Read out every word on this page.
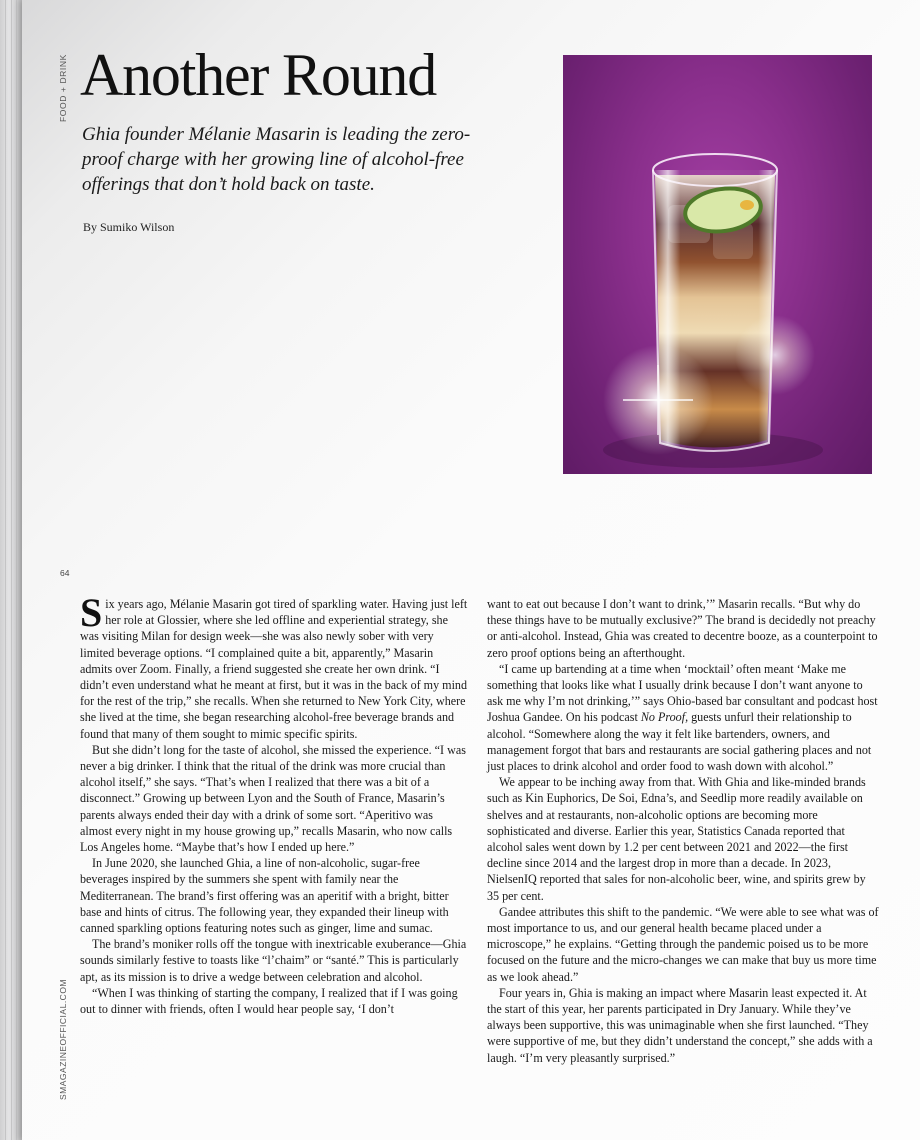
FOOD + DRINK Another Round

Ghia founder Mélanie Masarin is leading the zero-proof charge with her growing line of alcohol-free offerings that don’t hold back on taste.

By Sumiko Wilson
64

Six years ago, Mélanie Masarin got tired of sparkling water. Having just left her role at Glossier, where she led offline and experiential strategy, she was visiting Milan for design week—she was also newly sober with very limited beverage options. “I complained quite a bit, apparently,” Masarin admits over Zoom. Finally, a friend suggested she create her own drink. “I didn’t even understand what he meant at first, but it was in the back of my mind for the rest of the trip,” she recalls. When she returned to New York City, where she lived at the time, she began researching alcohol-free beverage brands and found that many of them sought to mimic specific spirits.

But she didn’t long for the taste of alcohol, she missed the experience. “I was never a big drinker. I think that the ritual of the drink was more crucial than alcohol itself,” she says. “That’s when I realized that there was a bit of a disconnect.” Growing up between Lyon and the South of France, Masarin’s parents always ended their day with a drink of some sort. “Aperitivo was almost every night in my house growing up,” recalls Masarin, who now calls Los Angeles home. “Maybe that’s how I ended up here.”

In June 2020, she launched Ghia, a line of non-alcoholic, sugar-free beverages inspired by the summers she spent with family near the Mediterranean. The brand’s first offering was an aperitif with a bright, bitter base and hints of citrus. The following year, they expanded their lineup with canned sparkling options featuring notes such as ginger, lime and sumac.

The brand’s moniker rolls off the tongue with inextricable exuberance—Ghia sounds similarly festive to toasts like “l’chaim” or “santé.” This is particularly apt, as its mission is to drive a wedge between celebration and alcohol.

“When I was thinking of starting the company, I realized that if I was going out to dinner with friends, often I would hear people say, ‘I don’t

want to eat out because I don’t want to drink,’” Masarin recalls. “But why do these things have to be mutually exclusive?” The brand is decidedly not preachy or anti-alcohol. Instead, Ghia was created to decentre booze, as a counterpoint to zero proof options being an afterthought.

“I came up bartending at a time when ‘mocktail’ often meant ‘Make me something that looks like what I usually drink because I don’t want anyone to ask me why I’m not drinking,’” says Ohio-based bar consultant and podcast host Joshua Gandee. On his podcast No Proof, guests unfurl their relationship to alcohol. “Somewhere along the way it felt like bartenders, owners, and management forgot that bars and restaurants are social gathering places and not just places to drink alcohol and order food to wash down with alcohol.”

We appear to be inching away from that. With Ghia and like-minded brands such as Kin Euphorics, De Soi, Edna’s, and Seedlip more readily available on shelves and at restaurants, non-alcoholic options are becoming more sophisticated and diverse. Earlier this year, Statistics Canada reported that alcohol sales went down by 1.2 per cent between 2021 and 2022—the first decline since 2014 and the largest drop in more than a decade. In 2023, NielsenIQ reported that sales for non-alcoholic beer, wine, and spirits grew by 35 per cent.

Gandee attributes this shift to the pandemic. “We were able to see what was of most importance to us, and our general health became placed under a microscope,” he explains. “Getting through the pandemic poised us to be more focused on the future and the micro-changes we can make that buy us more time as we look ahead.”

Four years in, Ghia is making an impact where Masarin least expected it. At the start of this year, her parents participated in Dry January. While they’ve always been supportive, this was unimaginable when she first launched. “They were supportive of me, but they didn’t understand the concept,” she adds with a laugh. “I’m very pleasantly surprised.”

SMAGAZINEOFFICIAL.COM
